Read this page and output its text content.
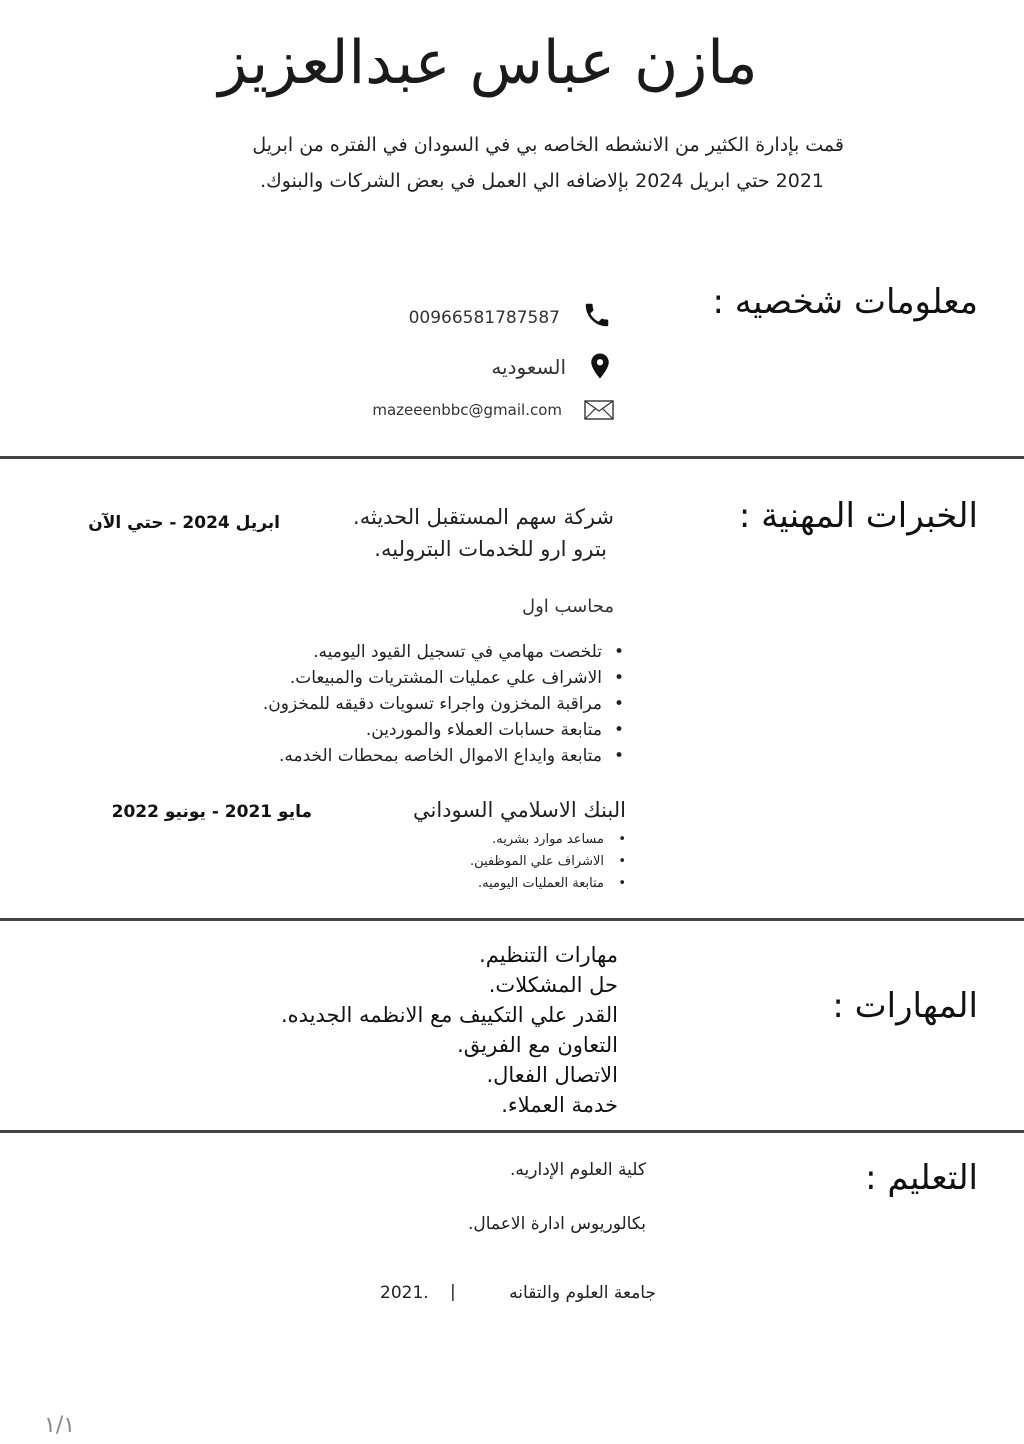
مازن عباس عبدالعزيز
قمت بإدارة الكثير من الانشطه الخاصه بي في السودان في الفتره من ابريل
2021 حتي ابريل 2024 بإلاضافه الي العمل في بعض الشركات والبنوك.
معلومات شخصيه :
00966581787587
السعوديه
mazeeenbbc@gmail.com
الخبرات المهنية :
شركة سهم المستقبل الحديثه.
بترو ارو للخدمات البتروليه.
ابريل 2024 - حتي الآن
محاسب اول
• تلخصت مهامي في تسجيل القيود اليوميه.
• الاشراف علي عمليات المشتريات والمبيعات.
• مراقبة المخزون واجراء تسويات دقيقه للمخزون.
• متابعة حسابات العملاء والموردين.
• متابعة وايداع الاموال الخاصه بمحطات الخدمه.
البنك الاسلامي السوداني
مايو 2021 - يونيو 2022
• مساعد موارد بشريه.
• الاشراف علي الموظفين.
• متابعة العمليات اليوميه.
المهارات :
مهارات التنظيم.
حل المشكلات.
القدر علي التكييف مع الانظمه الجديده.
التعاون مع الفريق.
الاتصال الفعال.
خدمة العملاء.
التعليم :
كلية العلوم الإداريه.
بكالوريوس ادارة الاعمال.
جامعة العلوم والتقانه
|
2021.
١/١
